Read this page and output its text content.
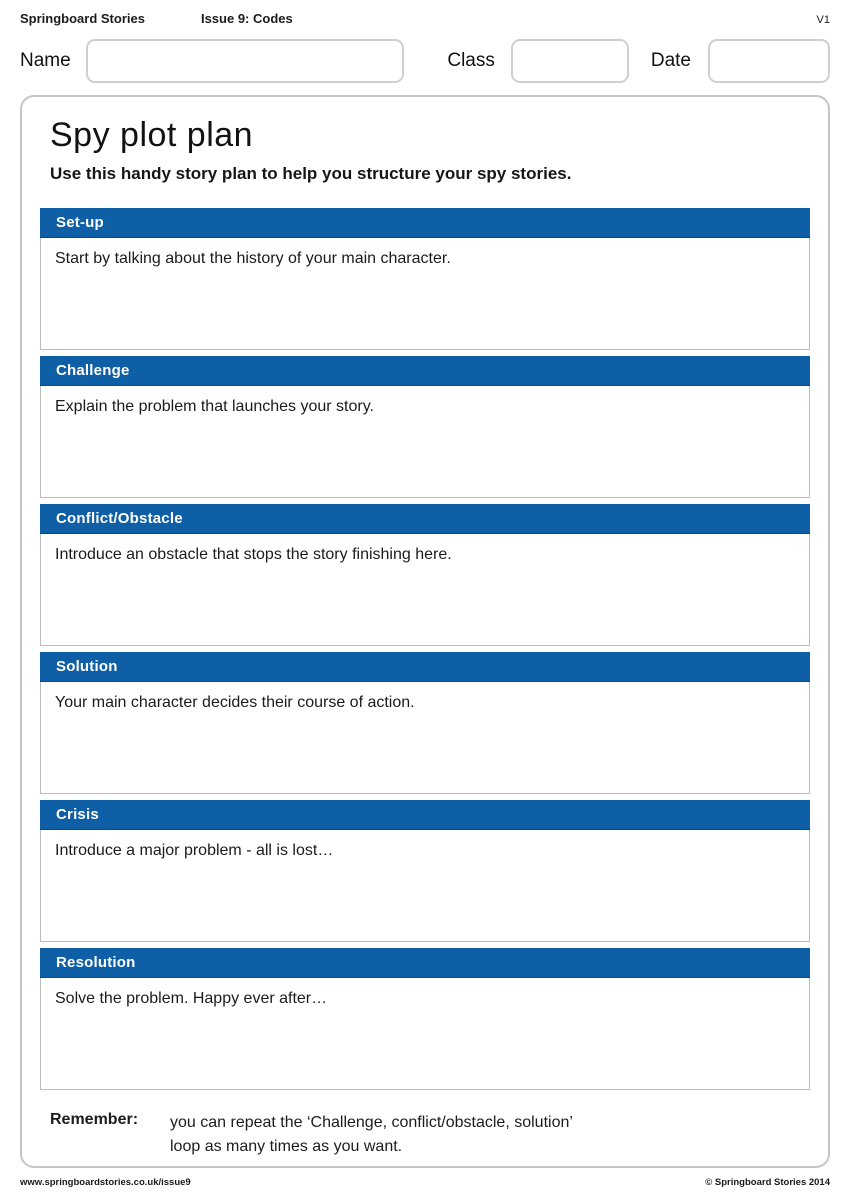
Springboard Stories	Issue 9: Codes	V1
Name	Class	Date
Spy plot plan

Use this handy story plan to help you structure your spy stories.

Set-up

Start by talking about the history of your main character.

Challenge

Explain the problem that launches your story.

Conflict/Obstacle

Introduce an obstacle that stops the story finishing here.

Solution

Your main character decides their course of action.

Crisis

Introduce a major problem - all is lost…

Resolution

Solve the problem. Happy ever after…

Remember:	you can repeat the ‘Challenge, conflict/obstacle, solution’
loop as many times as you want.
www.springboardstories.co.uk/issue9	© Springboard Stories 2014
